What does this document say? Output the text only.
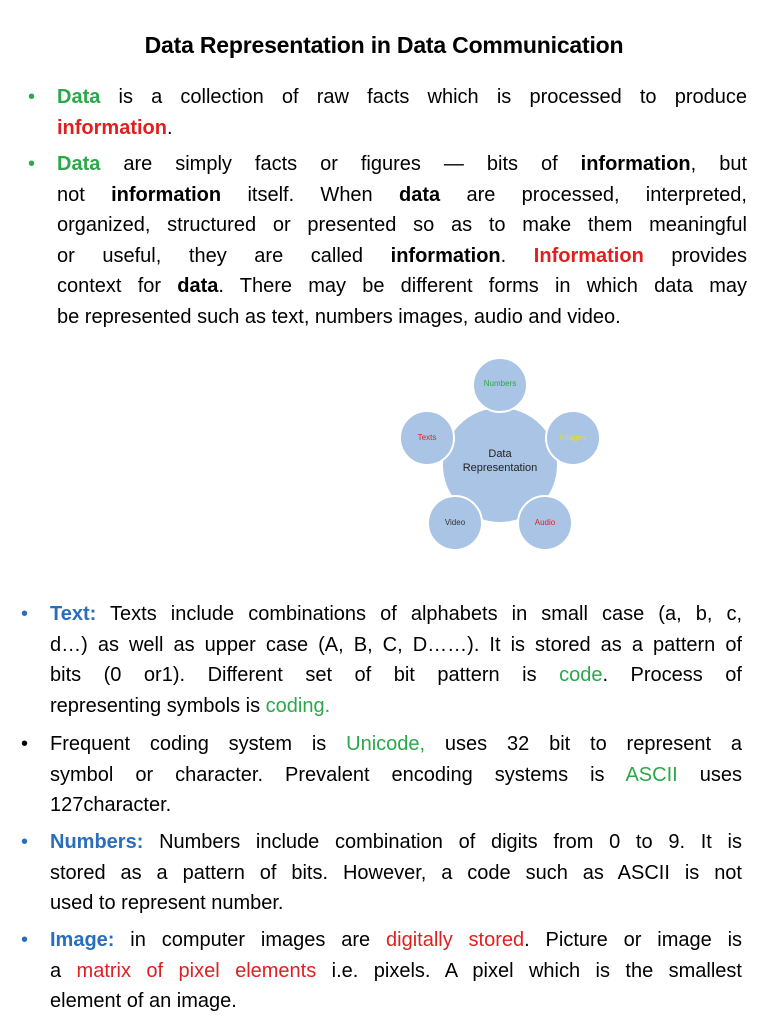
Data Representation in Data Communication
• Data is a collection of raw facts which is processed to produce
information.
• Data are simply facts or figures — bits of information, but
not information itself. When data are processed, interpreted,
organized, structured or presented so as to make them meaningful
or useful, they are called information. Information provides
context for data. There may be different forms in which data may
be represented such as text, numbers images, audio and video.
Data
Representation
Numbers
Images
Audio
Video
Texts
• Text: Texts include combinations of alphabets in small case (a, b, c,
d…) as well as upper case (A, B, C, D……). It is stored as a pattern of
bits (0 or1). Different set of bit pattern is code. Process of
representing symbols is coding.
• Frequent coding system is Unicode, uses 32 bit to represent a
symbol or character. Prevalent encoding systems is ASCII uses
127character.
• Numbers: Numbers include combination of digits from 0 to 9. It is
stored as a pattern of bits. However, a code such as ASCII is not
used to represent number.
• Image: in computer images are digitally stored. Picture or image is
a matrix of pixel elements i.e. pixels. A pixel which is the smallest
element of an image.
